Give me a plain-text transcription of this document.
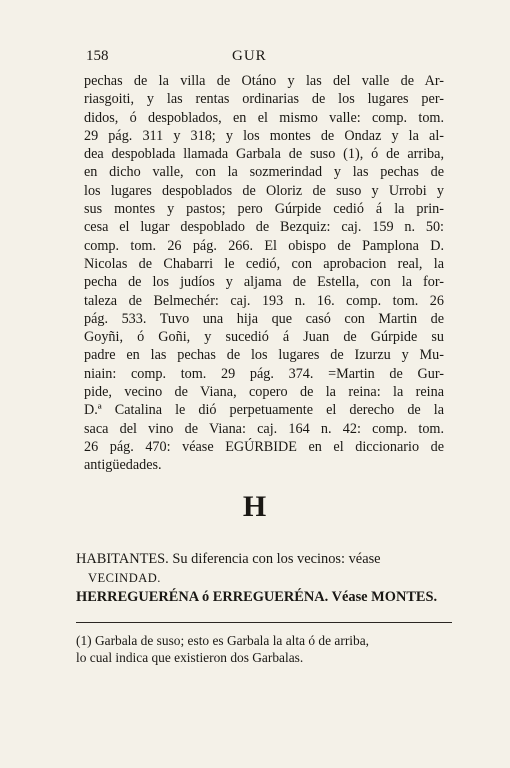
158	GUR
pechas de la villa de Otáno y las del valle de Ar-
riasgoiti, y las rentas ordinarias de los lugares per-
didos, ó despoblados, en el mismo valle: comp. tom.
29 pág. 311 y 318; y los montes de Ondaz y la al-
dea despoblada llamada Garbala de suso (1), ó de arriba,
en dicho valle, con la sozmerindad y las pechas de
los lugares despoblados de Oloriz de suso y Urrobi y
sus montes y pastos; pero Gúrpide cedió á la prin-
cesa el lugar despoblado de Bezquiz: caj. 159 n. 50:
comp. tom. 26 pág. 266. El obispo de Pamplona D.
Nicolas de Chabarri le cedió, con aprobacion real, la
pecha de los judíos y aljama de Estella, con la for-
taleza de Belmechér: caj. 193 n. 16. comp. tom. 26
pág. 533. Tuvo una hija que casó con Martin de
Goyñi, ó Goñi, y sucedió á Juan de Gúrpide su
padre en las pechas de los lugares de Izurzu y Mu-
niain: comp. tom. 29 pág. 374. =Martin de Gur-
pide, vecino de Viana, copero de la reina: la reina
D.ª Catalina le dió perpetuamente el derecho de la
saca del vino de Viana: caj. 164 n. 42: comp. tom.
26 pág. 470: véase EGÚRBIDE en el diccionario de
antigüedades.
H
HABITANTES. Su diferencia con los vecinos: véase
VECINDAD.
HERREGUERÉNA ó ERREGUERÉNA. Véase MONTES.
(1) Garbala de suso; esto es Garbala la alta ó de arriba,
lo cual indica que existieron dos Garbalas.
